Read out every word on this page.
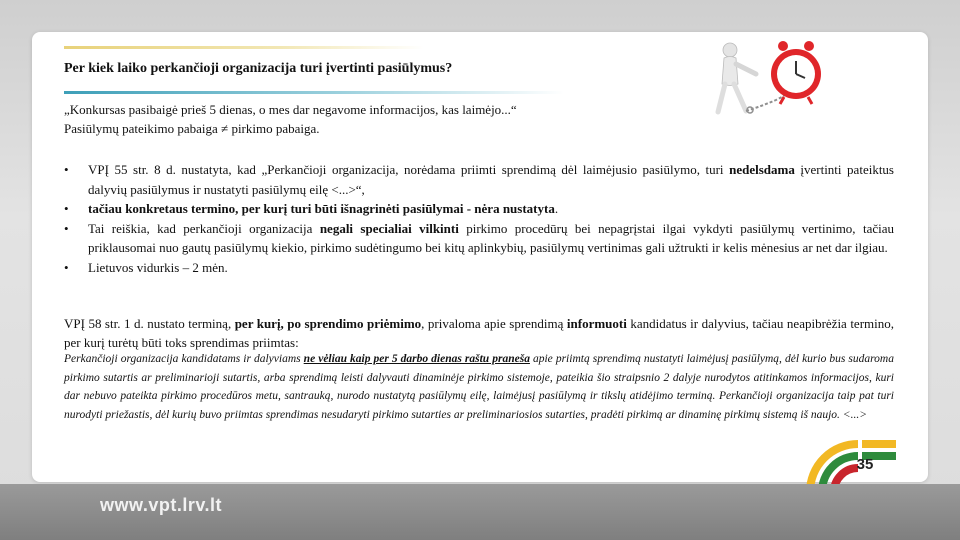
Per kiek laiko perkančioji organizacija turi įvertinti pasiūlymus?
„Konkursas pasibaigė prieš 5 dienas, o mes dar negavome informacijos, kas laimėjo...“
Pasiūlymų pateikimo pabaiga ≠ pirkimo pabaiga.
• VPĮ 55 str. 8 d. nustatyta, kad „Perkančioji organizacija, norėdama priimti sprendimą dėl laimėjusio pasiūlymo, turi nedelsdama įvertinti pateiktus dalyvių pasiūlymus ir nustatyti pasiūlymų eilę <...>“,
• tačiau konkretaus termino, per kurį turi būti išnagrinėti pasiūlymai - nėra nustatyta.
• Tai reiškia, kad perkančioji organizacija negali specialiai vilkinti pirkimo procedūrų bei nepagrįstai ilgai vykdyti pasiūlymų vertinimo, tačiau priklausomai nuo gautų pasiūlymų kiekio, pirkimo sudėtingumo bei kitų aplinkybių, pasiūlymų vertinimas gali užtrukti ir kelis mėnesius ar net dar ilgiau.
• Lietuvos vidurkis – 2 mėn.
VPĮ 58 str. 1 d. nustato terminą, per kurį, po sprendimo priėmimo, privaloma apie sprendimą informuoti kandidatus ir dalyvius, tačiau neapibrėžia termino, per kurį turėtų būti toks sprendimas priimtas:
Perkančioji organizacija kandidatams ir dalyviams ne vėliau kaip per 5 darbo dienas raštu praneša apie priimtą sprendimą nustatyti laimėjusį pasiūlymą, dėl kurio bus sudaroma pirkimo sutartis ar preliminarioji sutartis, arba sprendimą leisti dalyvauti dinaminėje pirkimo sistemoje, pateikia šio straipsnio 2 dalyje nurodytos atitinkamos informacijos, kuri dar nebuvo pateikta pirkimo procedūros metu, santrauką, nurodo nustatytą pasiūlymų eilę, laimėjusį pasiūlymą ir tikslų atidėjimo terminą. Perkančioji organizacija taip pat turi nurodyti priežastis, dėl kurių buvo priimtas sprendimas nesudaryti pirkimo sutarties ar preliminariosios sutarties, pradėti pirkimą ar dinaminę pirkimų sistemą iš naujo. <...>
35
www.vpt.lrv.lt
